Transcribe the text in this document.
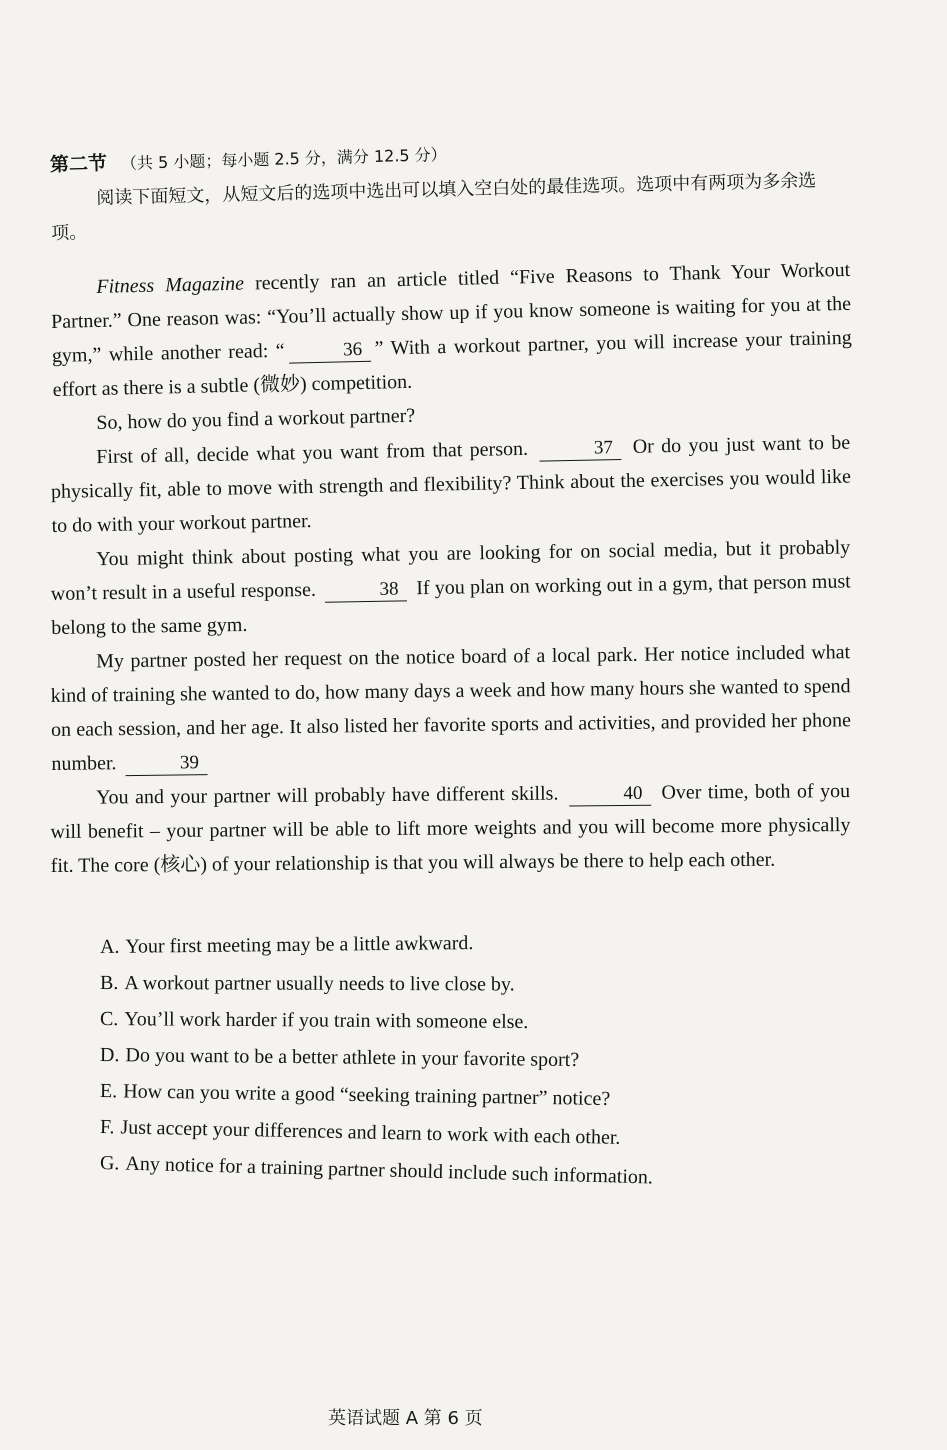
第二节 （共 5 小题；每小题 2.5 分，满分 12.5 分）

阅读下面短文，从短文后的选项中选出可以填入空白处的最佳选项。选项中有两项为多余选项。

Fitness Magazine recently ran an article titled “Five Reasons to Thank Your Workout Partner.” One reason was: “You’ll actually show up if you know someone is waiting for you at the gym,” while another read: “	36 ” With a workout partner, you will increase your training effort as there is a subtle (微妙) competition.

So, how do you find a workout partner?

First of all, decide what you want from that person.	37 Or do you just want to be physically fit, able to move with strength and flexibility? Think about the exercises you would like to do with your workout partner.

You might think about posting what you are looking for on social media, but it probably won’t result in a useful response.	38 If you plan on working out in a gym, that person must belong to the same gym.

My partner posted her request on the notice board of a local park. Her notice included what kind of training she wanted to do, how many days a week and how many hours she wanted to spend on each session, and her age. It also listed her favorite sports and activities, and provided her phone number.	39

You and your partner will probably have different skills.	40 Over time, both of you will benefit – your partner will be able to lift more weights and you will become more physically fit. The core (核心) of your relationship is that you will always be there to help each other.

A. Your first meeting may be a little awkward.

B. A workout partner usually needs to live close by.

C. You’ll work harder if you train with someone else.

D. Do you want to be a better athlete in your favorite sport?

E. How can you write a good “seeking training partner” notice?

F. Just accept your differences and learn to work with each other.

G. Any notice for a training partner should include such information.

英语试题 A 第 6 页
